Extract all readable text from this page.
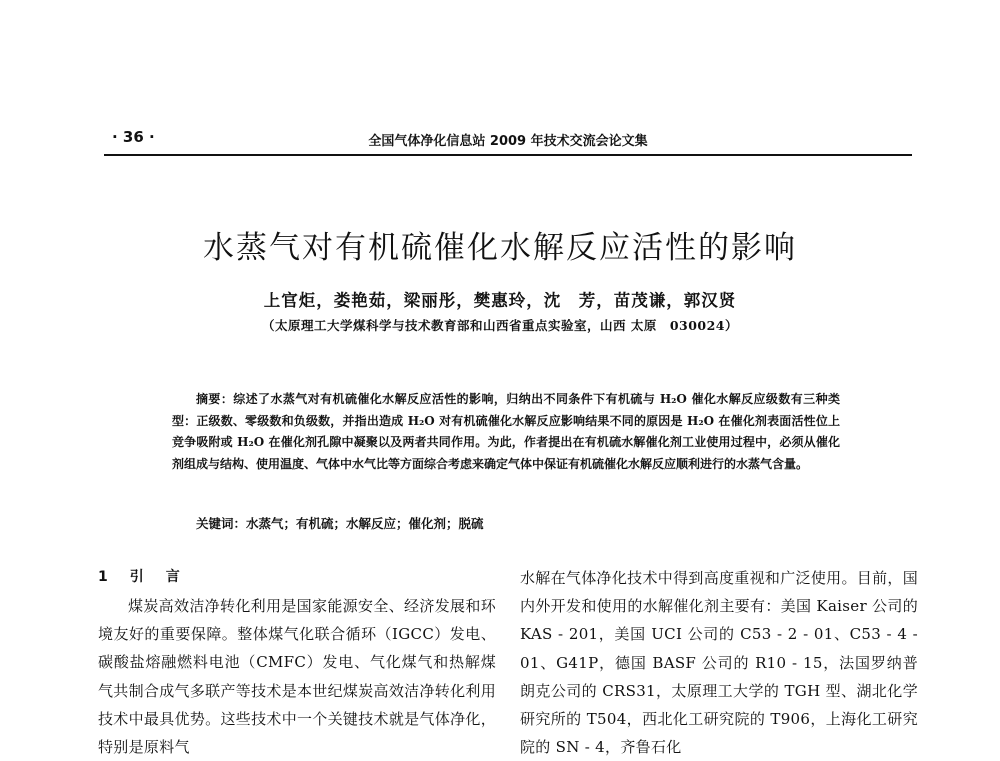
· 36 ·	全国气体净化信息站 2009 年技术交流会论文集
水蒸气对有机硫催化水解反应活性的影响
上官炬，娄艳茹，梁丽彤，樊惠玲，沈　芳，苗茂谦，郭汉贤
（太原理工大学煤科学与技术教育部和山西省重点实验室，山西 太原　030024）
摘要：综述了水蒸气对有机硫催化水解反应活性的影响，归纳出不同条件下有机硫与 H₂O 催化水解反应级数有三种类型：正级数、零级数和负级数，并指出造成 H₂O 对有机硫催化水解反应影响结果不同的原因是 H₂O 在催化剂表面活性位上竞争吸附或 H₂O 在催化剂孔隙中凝聚以及两者共同作用。为此，作者提出在有机硫水解催化剂工业使用过程中，必须从催化剂组成与结构、使用温度、气体中水气比等方面综合考虑来确定气体中保证有机硫催化水解反应顺利进行的水蒸气含量。
关键词：水蒸气；有机硫；水解反应；催化剂；脱硫
1　引　言
煤炭高效洁净转化利用是国家能源安全、经济发展和环境友好的重要保障。整体煤气化联合循环（IGCC）发电、碳酸盐熔融燃料电池（CMFC）发电、气化煤气和热解煤气共制合成气多联产等技术是本世纪煤炭高效洁净转化利用技术中最具优势。这些技术中一个关键技术就是气体净化，特别是原料气
水解在气体净化技术中得到高度重视和广泛使用。目前，国内外开发和使用的水解催化剂主要有：美国 Kaiser 公司的 KAS - 201，美国 UCI 公司的 C53 - 2 - 01、C53 - 4 - 01、G41P，德国 BASF 公司的 R10 - 15，法国罗纳普朗克公司的 CRS31，太原理工大学的 TGH 型、湖北化学研究所的 T504，西北化工研究院的 T906，上海化工研究院的 SN - 4，齐鲁石化
